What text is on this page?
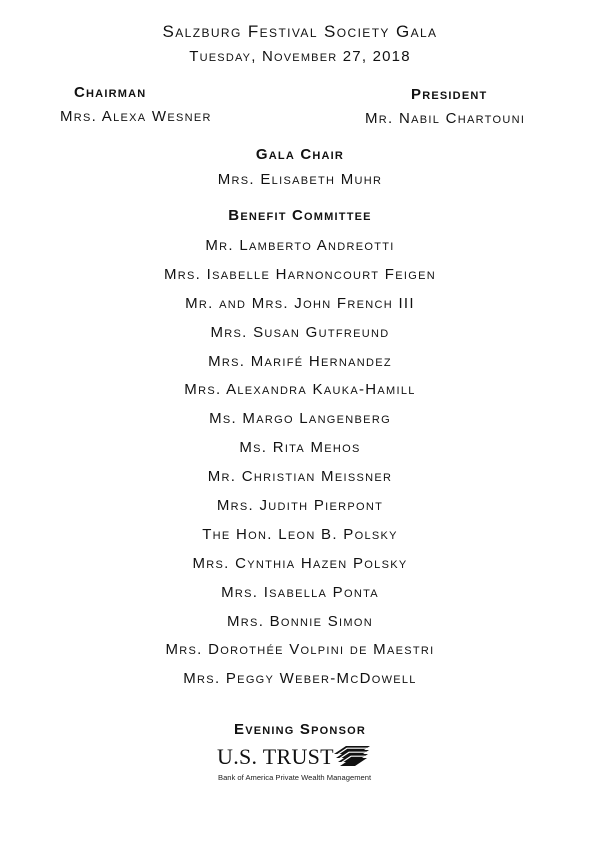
Salzburg Festival Society Gala
Tuesday, November 27, 2018
Chairman
Mrs. Alexa Wesner
President
Mr. Nabil Chartouni
Gala Chair
Mrs. Elisabeth Muhr
Benefit Committee
Mr. Lamberto Andreotti
Mrs. Isabelle Harnoncourt Feigen
Mr. and Mrs. John French III
Mrs. Susan Gutfreund
Mrs. Marifé Hernandez
Mrs. Alexandra Kauka-Hamill
Ms. Margo Langenberg
Ms. Rita Mehos
Mr. Christian Meissner
Mrs. Judith Pierpont
The Hon. Leon B. Polsky
Mrs. Cynthia Hazen Polsky
Mrs. Isabella Ponta
Mrs. Bonnie Simon
Mrs. Dorothée Volpini de Maestri
Mrs. Peggy Weber-McDowell
Evening Sponsor
U.S. TRUST
Bank of America Private Wealth Management
